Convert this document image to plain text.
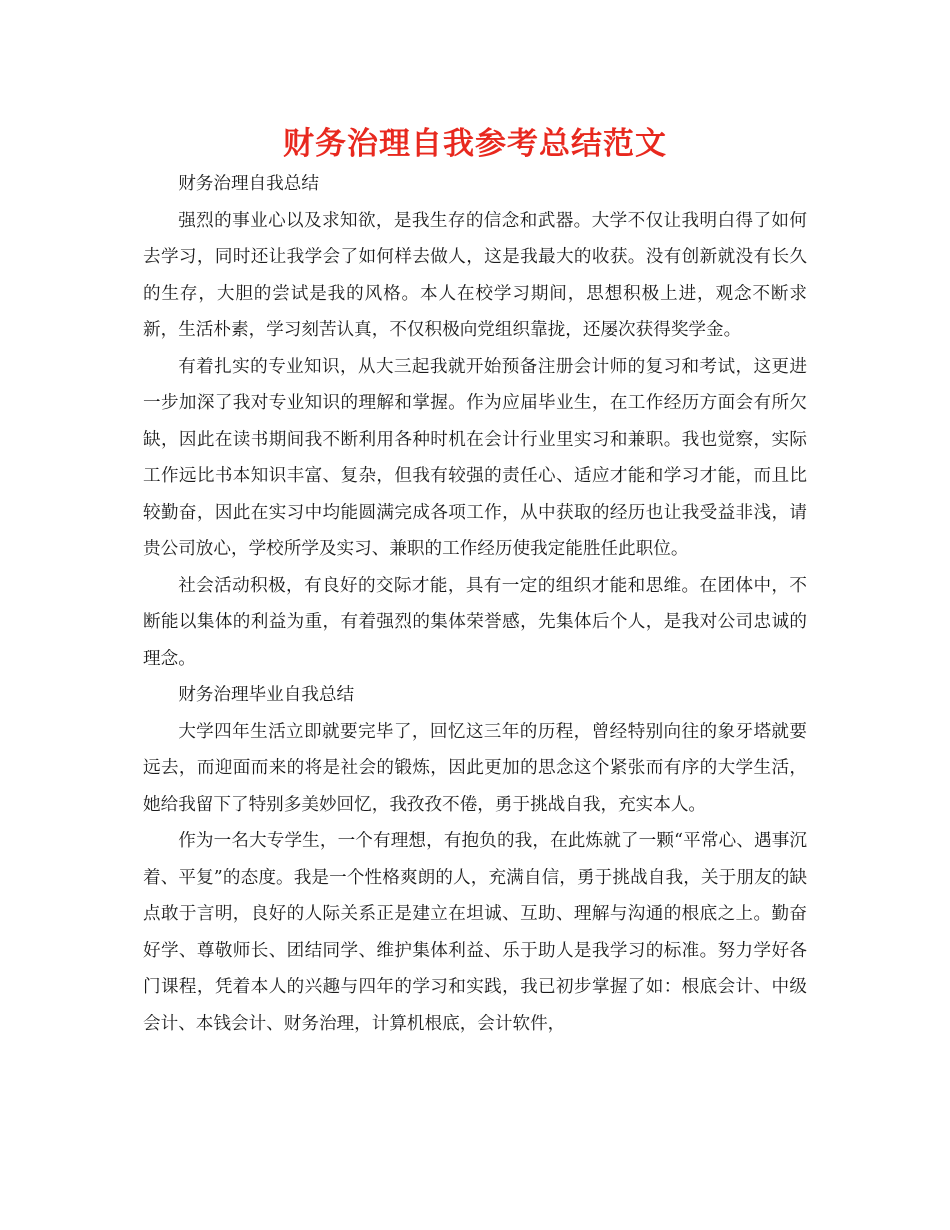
财务治理自我参考总结范文

财务治理自我总结

强烈的事业心以及求知欲，是我生存的信念和武器。大学不仅让我明白得了如何去学习，同时还让我学会了如何样去做人，这是我最大的收获。没有创新就没有长久的生存，大胆的尝试是我的风格。本人在校学习期间，思想积极上进，观念不断求新，生活朴素，学习刻苦认真，不仅积极向党组织靠拢，还屡次获得奖学金。

有着扎实的专业知识，从大三起我就开始预备注册会计师的复习和考试，这更进一步加深了我对专业知识的理解和掌握。作为应届毕业生，在工作经历方面会有所欠缺，因此在读书期间我不断利用各种时机在会计行业里实习和兼职。我也觉察，实际工作远比书本知识丰富、复杂，但我有较强的责任心、适应才能和学习才能，而且比较勤奋，因此在实习中均能圆满完成各项工作，从中获取的经历也让我受益非浅，请贵公司放心，学校所学及实习、兼职的工作经历使我定能胜任此职位。

社会活动积极，有良好的交际才能，具有一定的组织才能和思维。在团体中，不断能以集体的利益为重，有着强烈的集体荣誉感，先集体后个人，是我对公司忠诚的理念。

财务治理毕业自我总结

大学四年生活立即就要完毕了，回忆这三年的历程，曾经特别向往的象牙塔就要远去，而迎面而来的将是社会的锻炼，因此更加的思念这个紧张而有序的大学生活，她给我留下了特别多美妙回忆，我孜孜不倦，勇于挑战自我，充实本人。

作为一名大专学生，一个有理想，有抱负的我，在此炼就了一颗“平常心、遇事沉着、平复”的态度。我是一个性格爽朗的人，充满自信，勇于挑战自我，关于朋友的缺点敢于言明，良好的人际关系正是建立在坦诚、互助、理解与沟通的根底之上。勤奋好学、尊敬师长、团结同学、维护集体利益、乐于助人是我学习的标准。努力学好各门课程，凭着本人的兴趣与四年的学习和实践，我已初步掌握了如：根底会计、中级会计、本钱会计、财务治理，计算机根底，会计软件，
